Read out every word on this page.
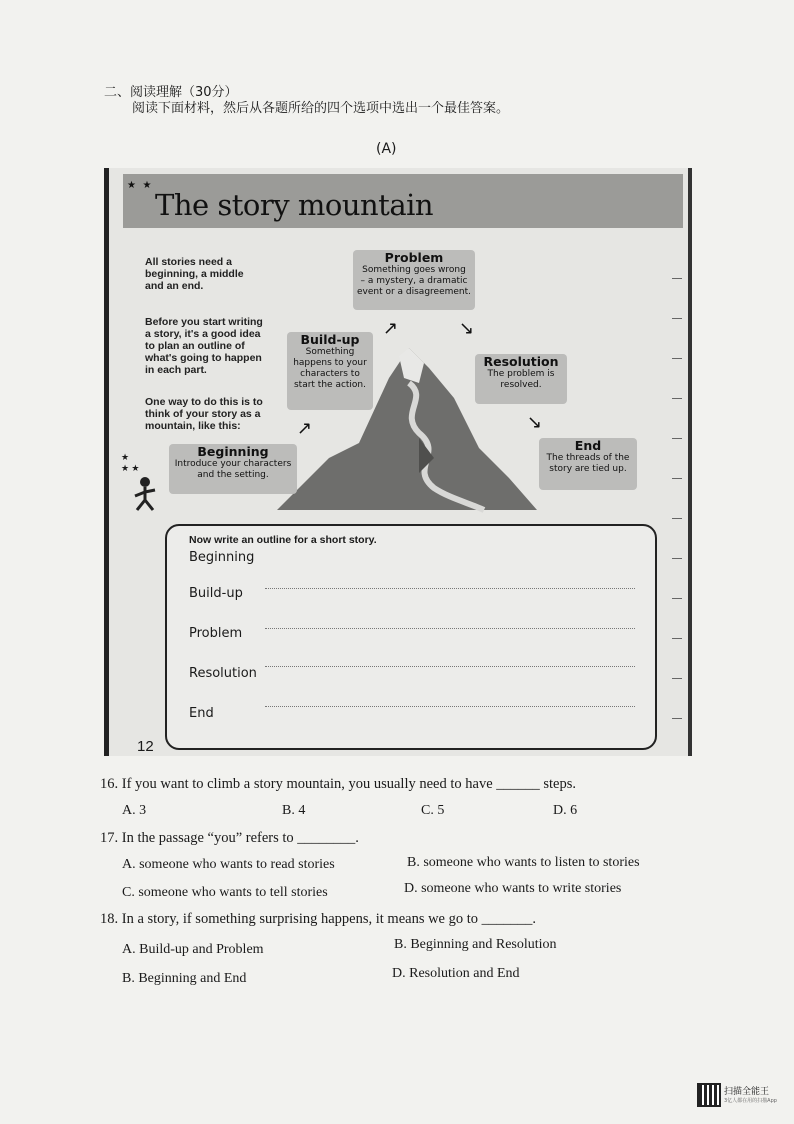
二、阅读理解（30分）
阅读下面材料，然后从各题所给的四个选项中选出一个最佳答案。
(A)
★ ★
The story mountain
All stories need a
beginning, a middle
and an end.
Before you start writing
a story, it's a good idea
to plan an outline of
what's going to happen
in each part.
One way to do this is to
think of your story as a
mountain, like this:
Problem
Something goes wrong
– a mystery, a dramatic
event or a disagreement.
Build-up
Something
happens to your
characters to
start the action.
Resolution
The problem is
resolved.
Beginning
Introduce your characters
and the setting.
End
The threads of the
story are tied up.
↗
↗	↘
↘
★
★ ★
Now write an outline for a short story.
Beginning
Build-up
Problem
Resolution
End
12
16. If you want to climb a story mountain, you usually need to have ______ steps.
A. 3	B. 4	C. 5	D. 6
17. In the passage “you” refers to ________.
A. someone who wants to read stories	B. someone who wants to listen to stories
C. someone who wants to tell stories	D. someone who wants to write stories
18. In a story, if something surprising happens, it means we go to _______.
A. Build-up and Problem	B. Beginning and Resolution
B. Beginning and End	D. Resolution and End
扫描全能王
3亿人都在用的扫描App
